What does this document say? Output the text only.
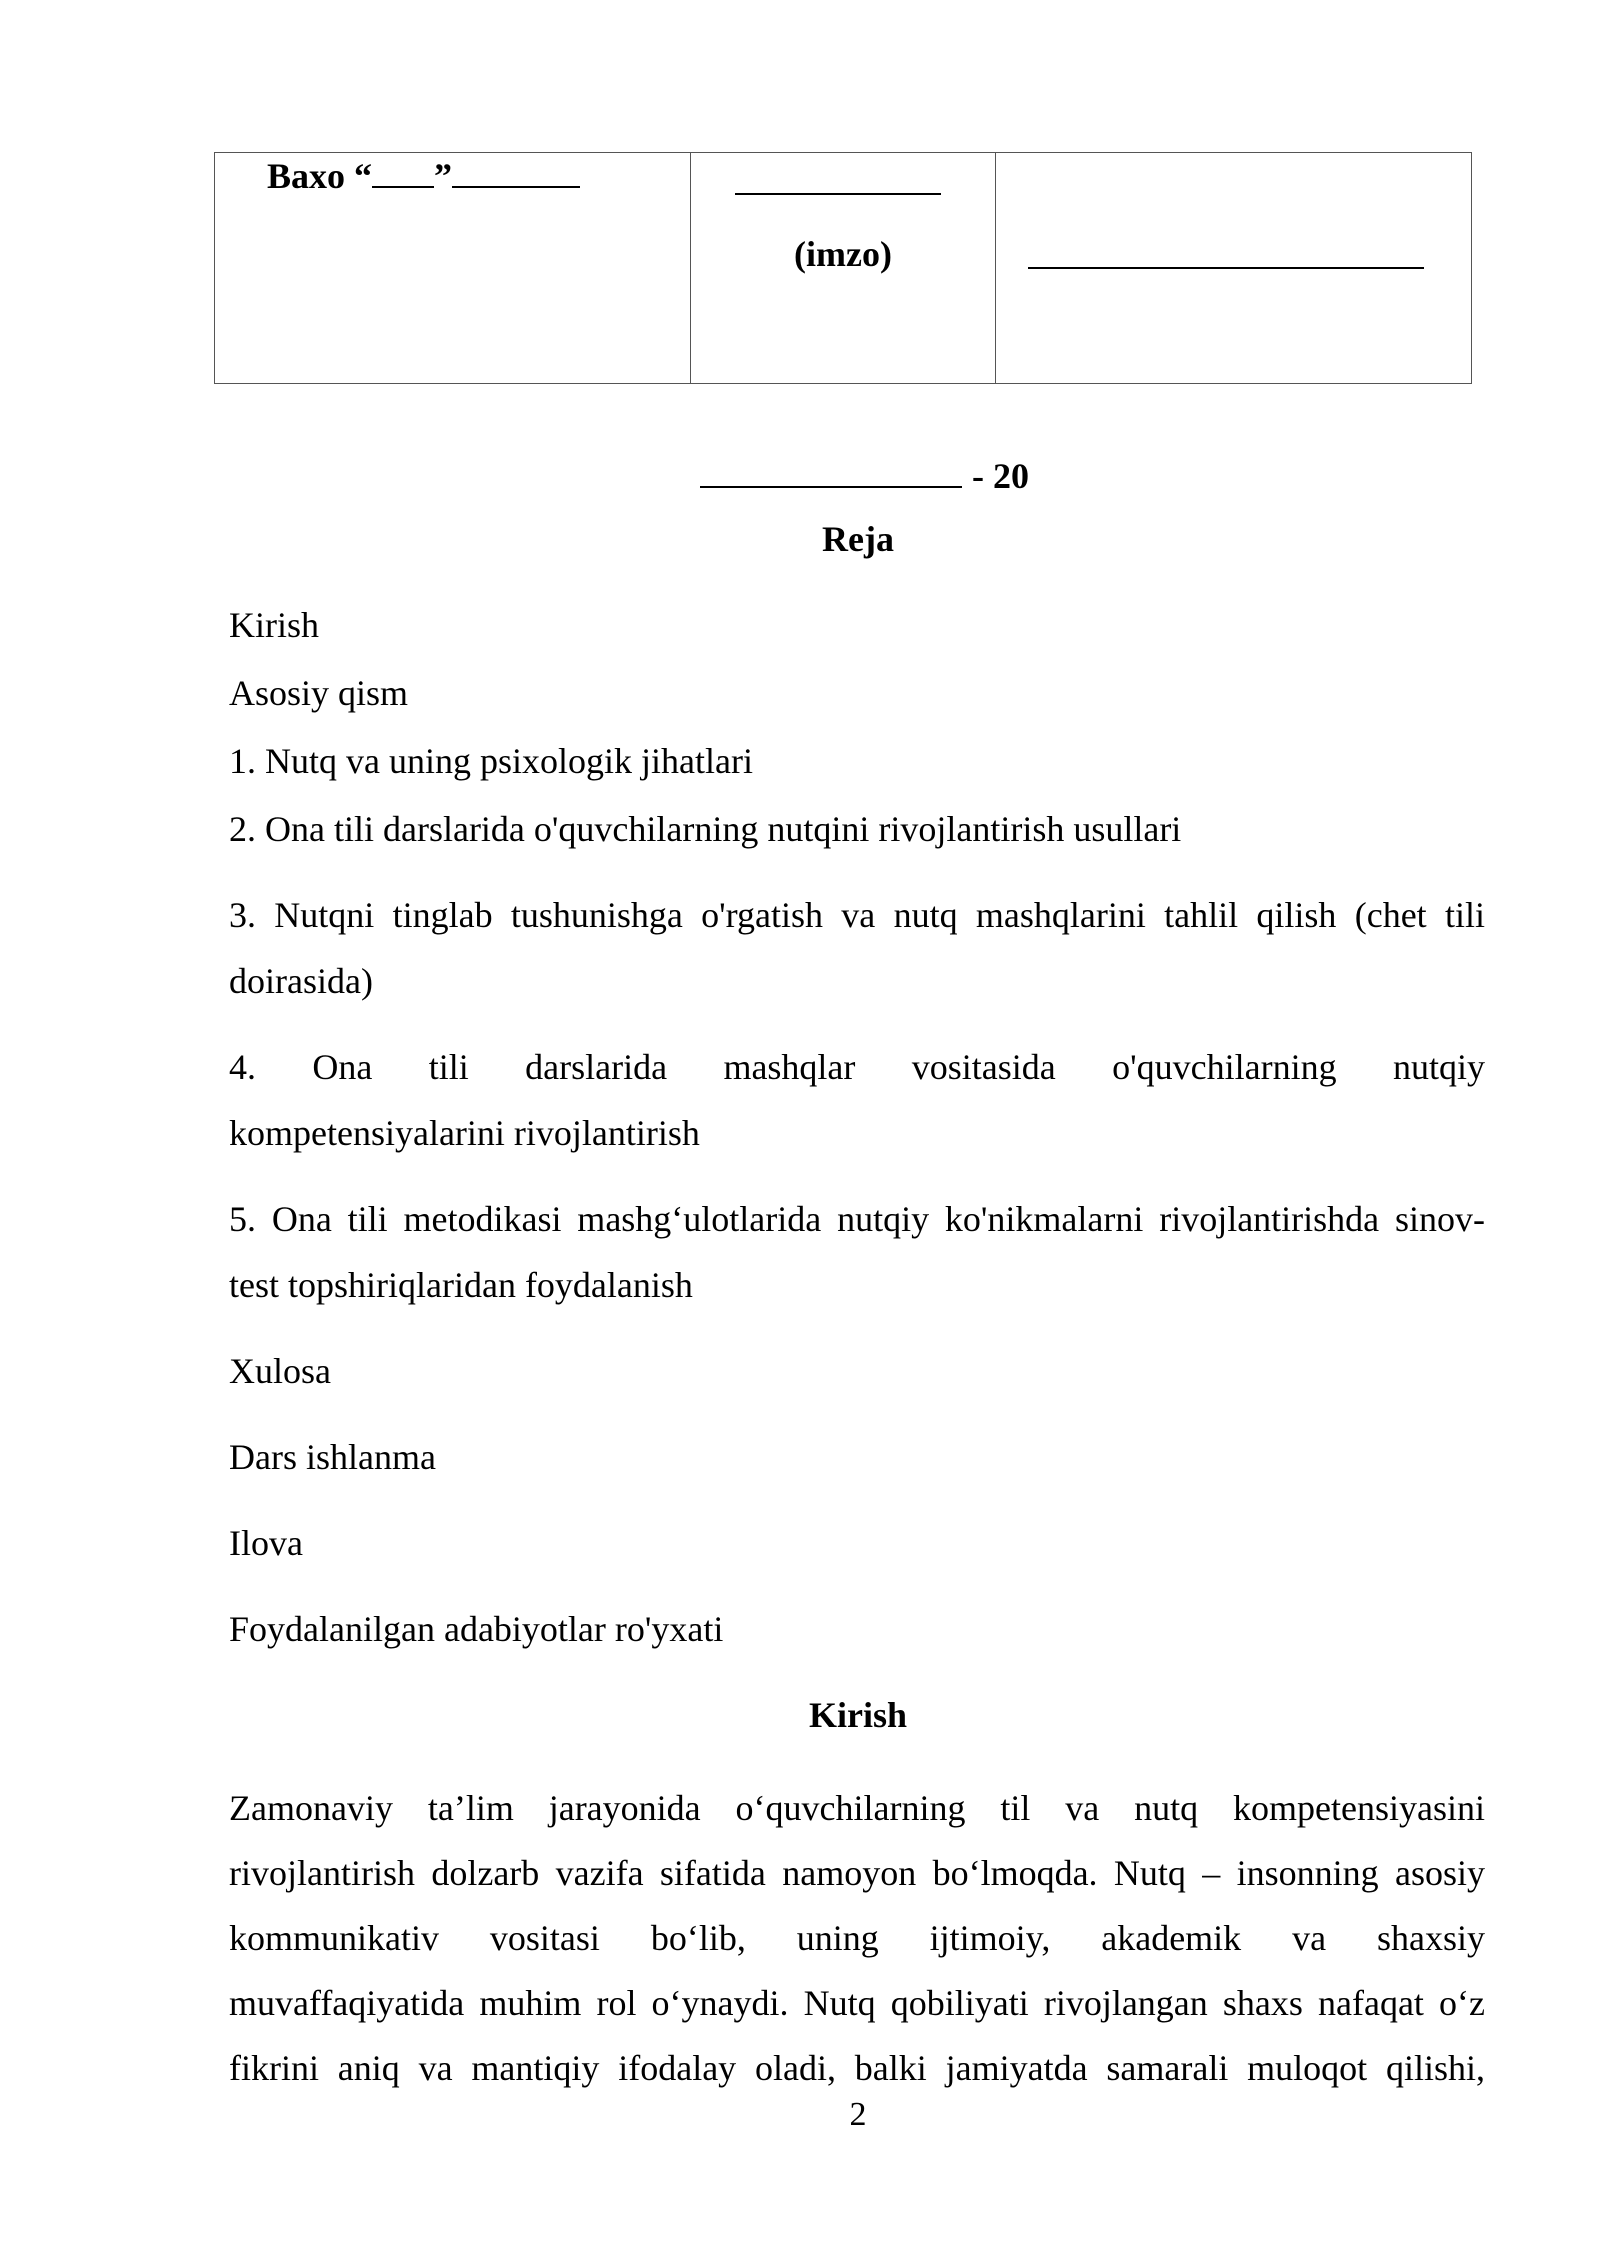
Baxo “ ”
(imzo)
- 20
Reja
Kirish
Asosiy qism
1. Nutq va uning psixologik jihatlari
2. Ona tili darslarida o'quvchilarning nutqini rivojlantirish usullari
3. Nutqni tinglab tushunishga o'rgatish va nutq mashqlarini tahlil qilish (chet tili
doirasida)
4. Ona tili darslarida mashqlar vositasida o'quvchilarning nutqiy
kompetensiyalarini rivojlantirish
5. Ona tili metodikasi mashg‘ulotlarida nutqiy ko'nikmalarni rivojlantirishda sinov-
test topshiriqlaridan foydalanish
Xulosa
Dars ishlanma
Ilova
Foydalanilgan adabiyotlar ro'yxati
Kirish
Zamonaviy ta’lim jarayonida o‘quvchilarning til va nutq kompetensiyasini
rivojlantirish dolzarb vazifa sifatida namoyon bo‘lmoqda. Nutq – insonning asosiy
kommunikativ vositasi bo‘lib, uning ijtimoiy, akademik va shaxsiy
muvaffaqiyatida muhim rol o‘ynaydi. Nutq qobiliyati rivojlangan shaxs nafaqat o‘z
fikrini aniq va mantiqiy ifodalay oladi, balki jamiyatda samarali muloqot qilishi,
2
